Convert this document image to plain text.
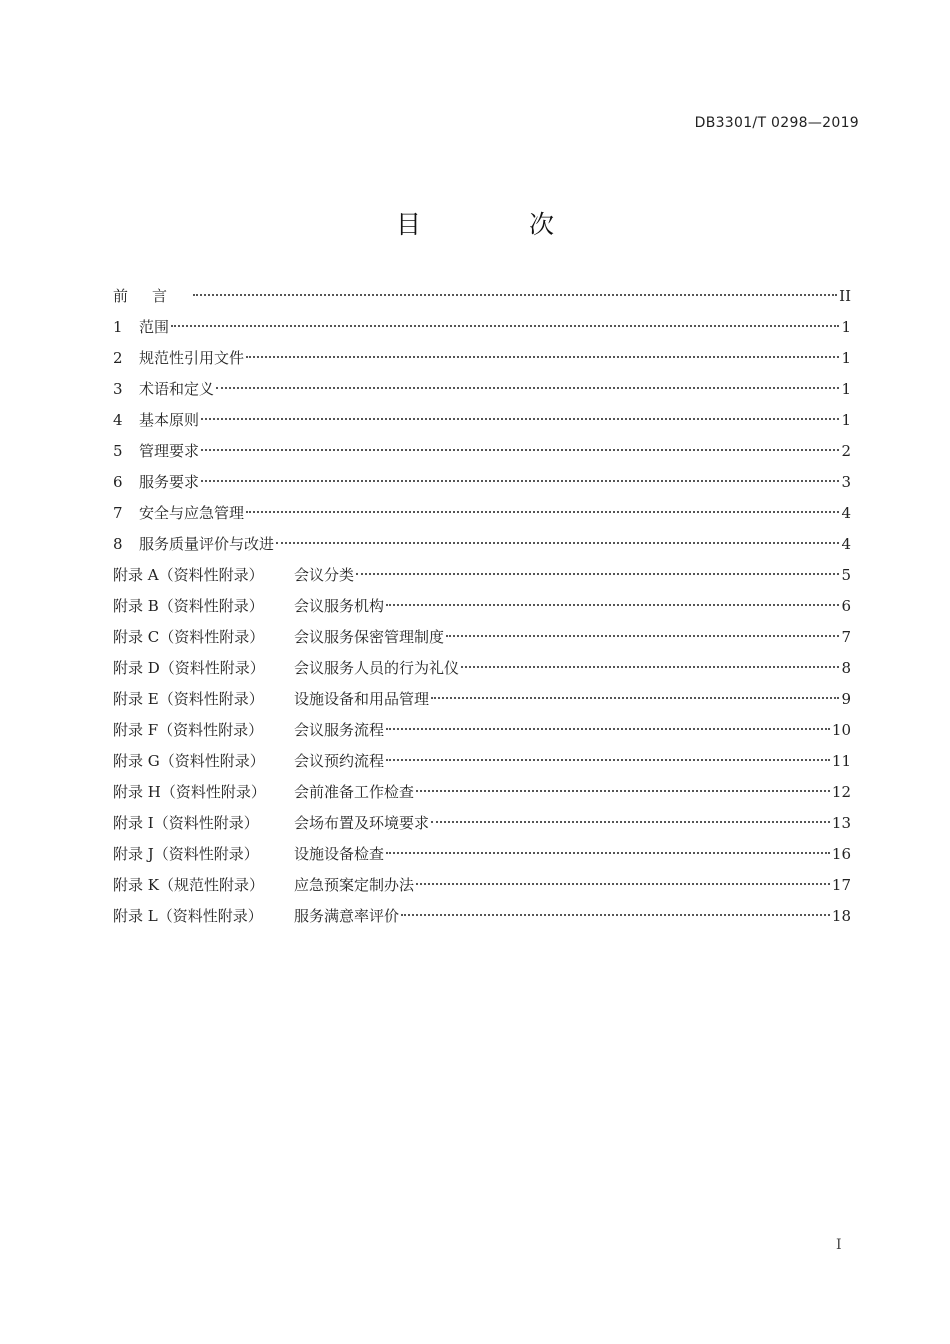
DB3301/T 0298—2019
目 次
前言	II
1	范围	1
2	规范性引用文件	1
3	术语和定义	1
4	基本原则	1
5	管理要求	2
6	服务要求	3
7	安全与应急管理	4
8	服务质量评价与改进	4
附录 A（资料性附录）	会议分类	5
附录 B（资料性附录）	会议服务机构	6
附录 C（资料性附录）	会议服务保密管理制度	7
附录 D（资料性附录）	会议服务人员的行为礼仪	8
附录 E（资料性附录）	设施设备和用品管理	9
附录 F（资料性附录）	会议服务流程	10
附录 G（资料性附录）	会议预约流程	11
附录 H（资料性附录）	会前准备工作检查	12
附录 I（资料性附录）	会场布置及环境要求	13
附录 J（资料性附录）	设施设备检查	16
附录 K（规范性附录）	应急预案定制办法	17
附录 L（资料性附录）	服务满意率评价	18
I
